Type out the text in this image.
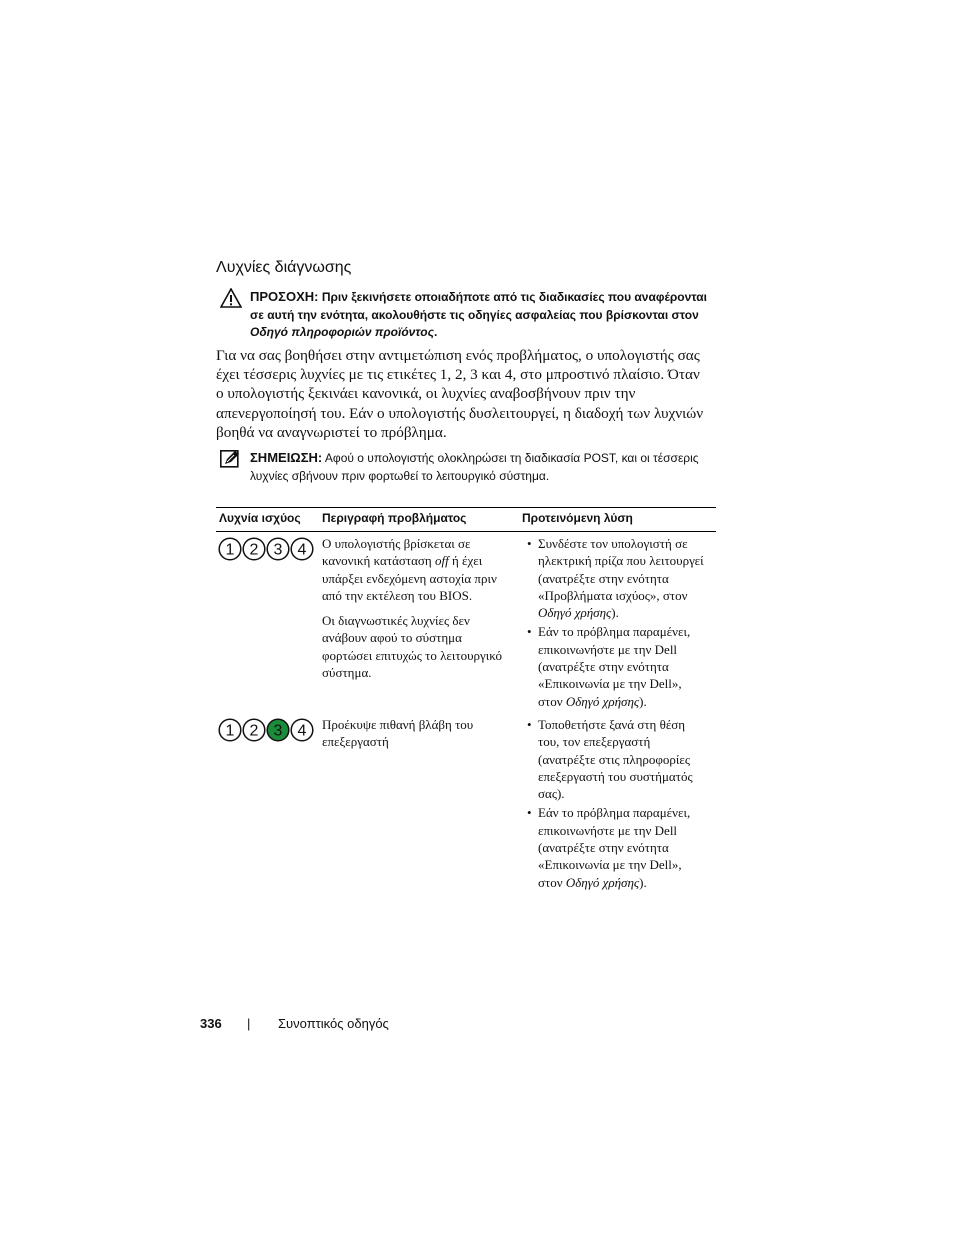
Λυχνίες διάγνωσης
ΠΡΟΣΟΧΗ: Πριν ξεκινήσετε οποιαδήποτε από τις διαδικασίες που αναφέρονται σε αυτή την ενότητα, ακολουθήστε τις οδηγίες ασφαλείας που βρίσκονται στον Οδηγό πληροφοριών προϊόντος.
Για να σας βοηθήσει στην αντιμετώπιση ενός προβλήματος, ο υπολογιστής σας
έχει τέσσερις λυχνίες με τις ετικέτες 1, 2, 3 και 4, στο μπροστινό πλαίσιο. Όταν
ο υπολογιστής ξεκινάει κανονικά, οι λυχνίες αναβοσβήνουν πριν την
απενεργοποίησή του. Εάν ο υπολογιστής δυσλειτουργεί, η διαδοχή των λυχνιών
βοηθά να αναγνωριστεί το πρόβλημα.
ΣΗΜΕΙΩΣΗ: Αφού ο υπολογιστής ολοκληρώσει τη διαδικασία POST, και οι τέσσερις λυχνίες σβήνουν πριν φορτωθεί το λειτουργικό σύστημα.
Λυχνία ισχύος Περιγραφή προβλήματος	Προτεινόμενη λύση
1 2 3 4 Ο υπολογιστής βρίσκεται σε
κανονική κατάσταση off ή έχει
υπάρξει ενδεχόμενη αστοχία πριν
από την εκτέλεση του BIOS.

Οι διαγνωστικές λυχνίες δεν
ανάβουν αφού το σύστημα
φορτώσει επιτυχώς το λειτουργικό
σύστημα.

• Συνδέστε τον υπολογιστή σε
ηλεκτρική πρίζα που λειτουργεί
(ανατρέξτε στην ενότητα
«Προβλήματα ισχύος», στον
Οδηγό χρήσης).
• Εάν το πρόβλημα παραμένει,
επικοινωνήστε με την Dell
(ανατρέξτε στην ενότητα
«Επικοινωνία με την Dell»,
στον Οδηγό χρήσης).
1 2 3 4 Προέκυψε πιθανή βλάβη του
επεξεργαστή

• Τοποθετήστε ξανά στη θέση
του, τον επεξεργαστή
(ανατρέξτε στις πληροφορίες
επεξεργαστή του συστήματός
σας).
• Εάν το πρόβλημα παραμένει,
επικοινωνήστε με την Dell
(ανατρέξτε στην ενότητα
«Επικοινωνία με την Dell»,
στον Οδηγό χρήσης).
336 | Συνοπτικός οδηγός
